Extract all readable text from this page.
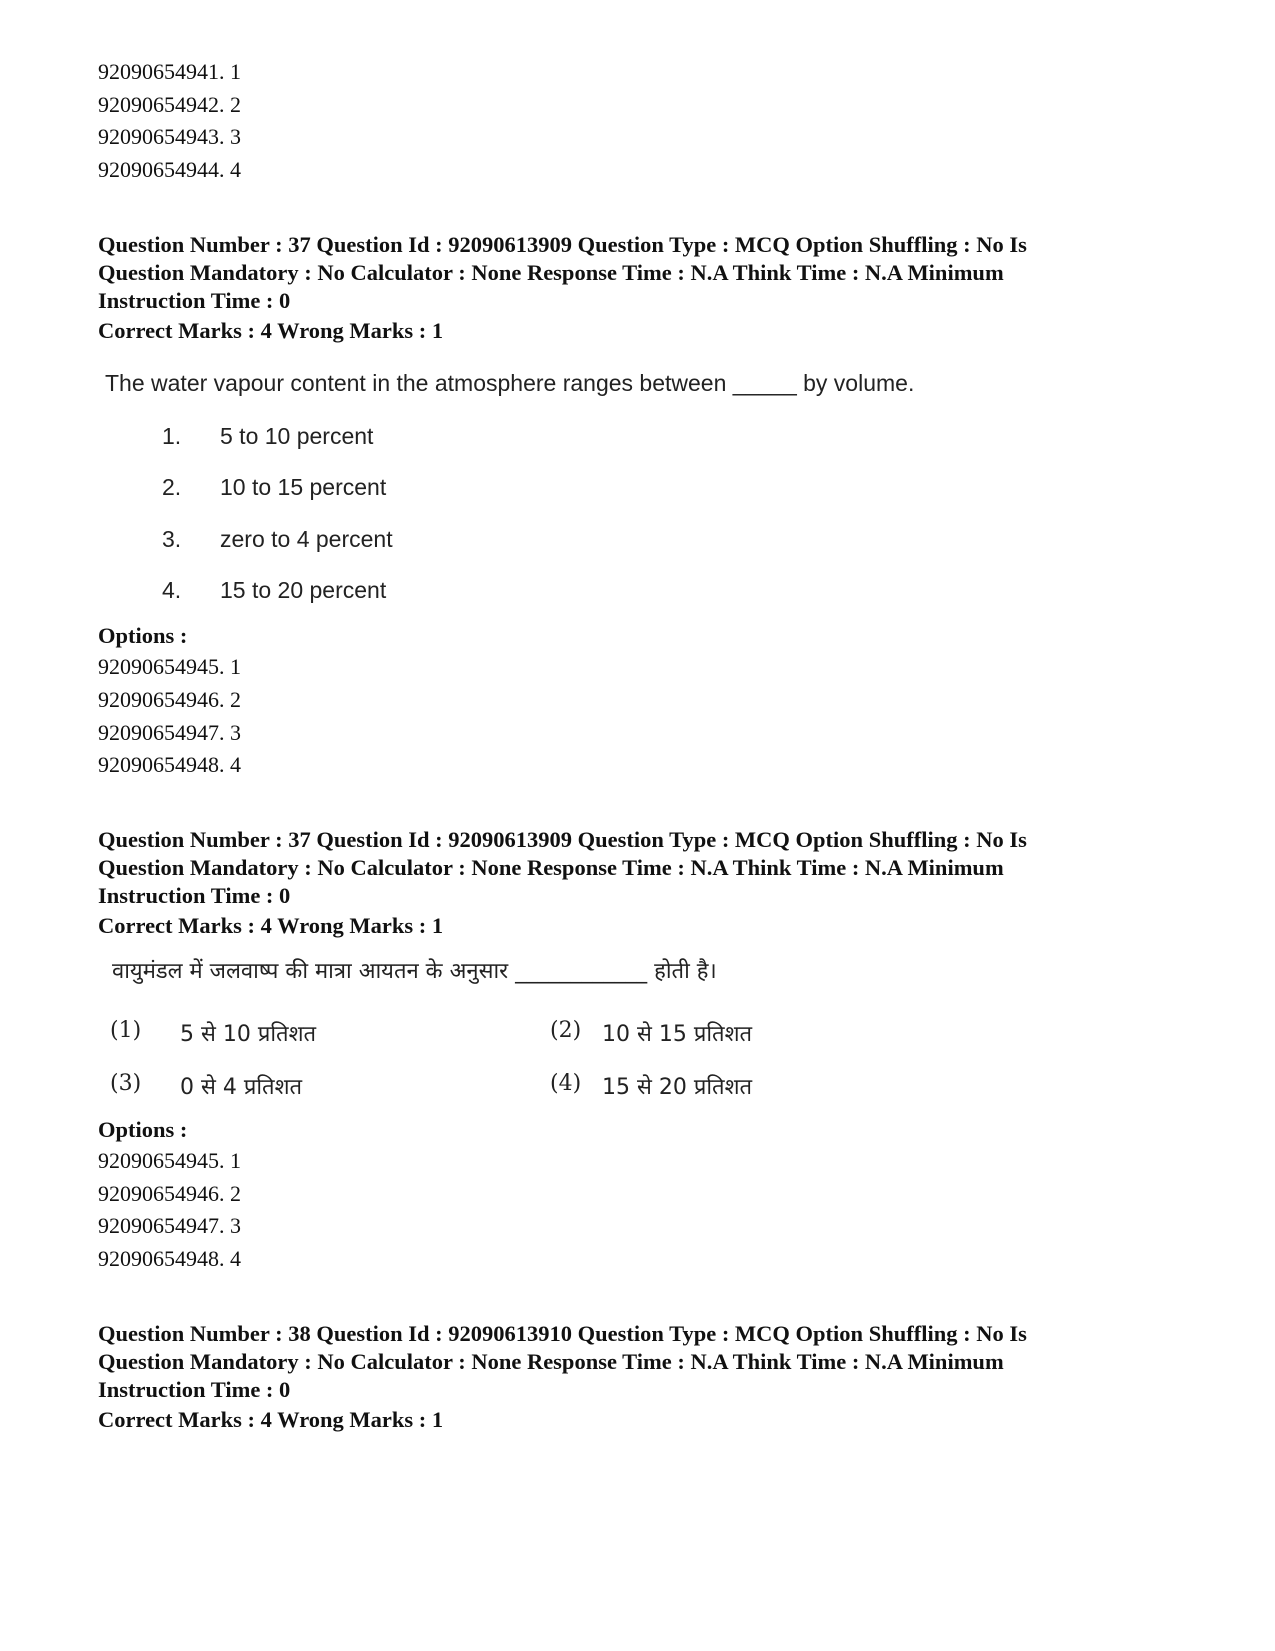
92090654941. 1
92090654942. 2
92090654943. 3
92090654944. 4
Question Number : 37 Question Id : 92090613909 Question Type : MCQ Option Shuffling : No Is
Question Mandatory : No Calculator : None Response Time : N.A Think Time : N.A Minimum
Instruction Time : 0
Correct Marks : 4 Wrong Marks : 1
The water vapour content in the atmosphere ranges between _____ by volume.
1. 5 to 10 percent
2. 10 to 15 percent
3. zero to 4 percent
4. 15 to 20 percent
Options :
92090654945. 1
92090654946. 2
92090654947. 3
92090654948. 4
Question Number : 37 Question Id : 92090613909 Question Type : MCQ Option Shuffling : No Is
Question Mandatory : No Calculator : None Response Time : N.A Think Time : N.A Minimum
Instruction Time : 0
Correct Marks : 4 Wrong Marks : 1
वायुमंडल में जलवाष्प की मात्रा आयतन के अनुसार ____________ होती है।
(1) 5 से 10 प्रतिशत	(2) 10 से 15 प्रतिशत
(3) 0 से 4 प्रतिशत	(4) 15 से 20 प्रतिशत
Options :
92090654945. 1
92090654946. 2
92090654947. 3
92090654948. 4
Question Number : 38 Question Id : 92090613910 Question Type : MCQ Option Shuffling : No Is
Question Mandatory : No Calculator : None Response Time : N.A Think Time : N.A Minimum
Instruction Time : 0
Correct Marks : 4 Wrong Marks : 1
